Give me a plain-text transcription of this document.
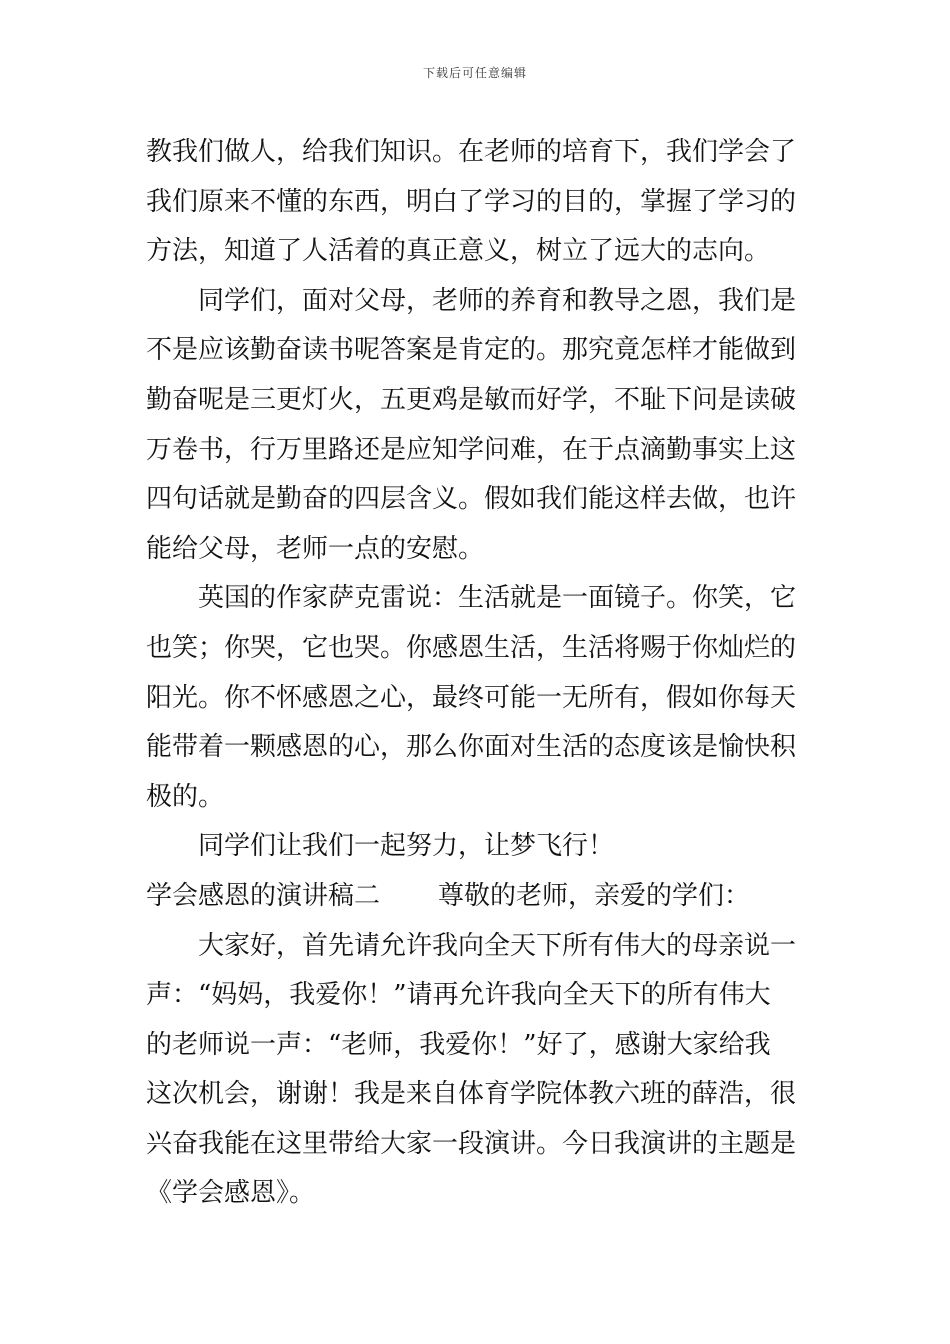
下载后可任意编辑
教我们做人，给我们知识。在老师的培育下，我们学会了
我们原来不懂的东西，明白了学习的目的，掌握了学习的
方法，知道了人活着的真正意义，树立了远大的志向。
同学们，面对父母，老师的养育和教导之恩，我们是
不是应该勤奋读书呢答案是肯定的。那究竟怎样才能做到
勤奋呢是三更灯火，五更鸡是敏而好学，不耻下问是读破
万卷书，行万里路还是应知学问难，在于点滴勤事实上这
四句话就是勤奋的四层含义。假如我们能这样去做，也许
能给父母，老师一点的安慰。
英国的作家萨克雷说：生活就是一面镜子。你笑，它
也笑；你哭，它也哭。你感恩生活，生活将赐于你灿烂的
阳光。你不怀感恩之心，最终可能一无所有，假如你每天
能带着一颗感恩的心，那么你面对生活的态度该是愉快积
极的。
同学们让我们一起努力，让梦飞行！
学会感恩的演讲稿二 尊敬的老师，亲爱的学们：
大家好，首先请允许我向全天下所有伟大的母亲说一
声：“妈妈，我爱你！”请再允许我向全天下的所有伟大
的老师说一声：“老师，我爱你！”好了，感谢大家给我
这次机会，谢谢！我是来自体育学院体教六班的薛浩，很
兴奋我能在这里带给大家一段演讲。今日我演讲的主题是
《学会感恩》。
